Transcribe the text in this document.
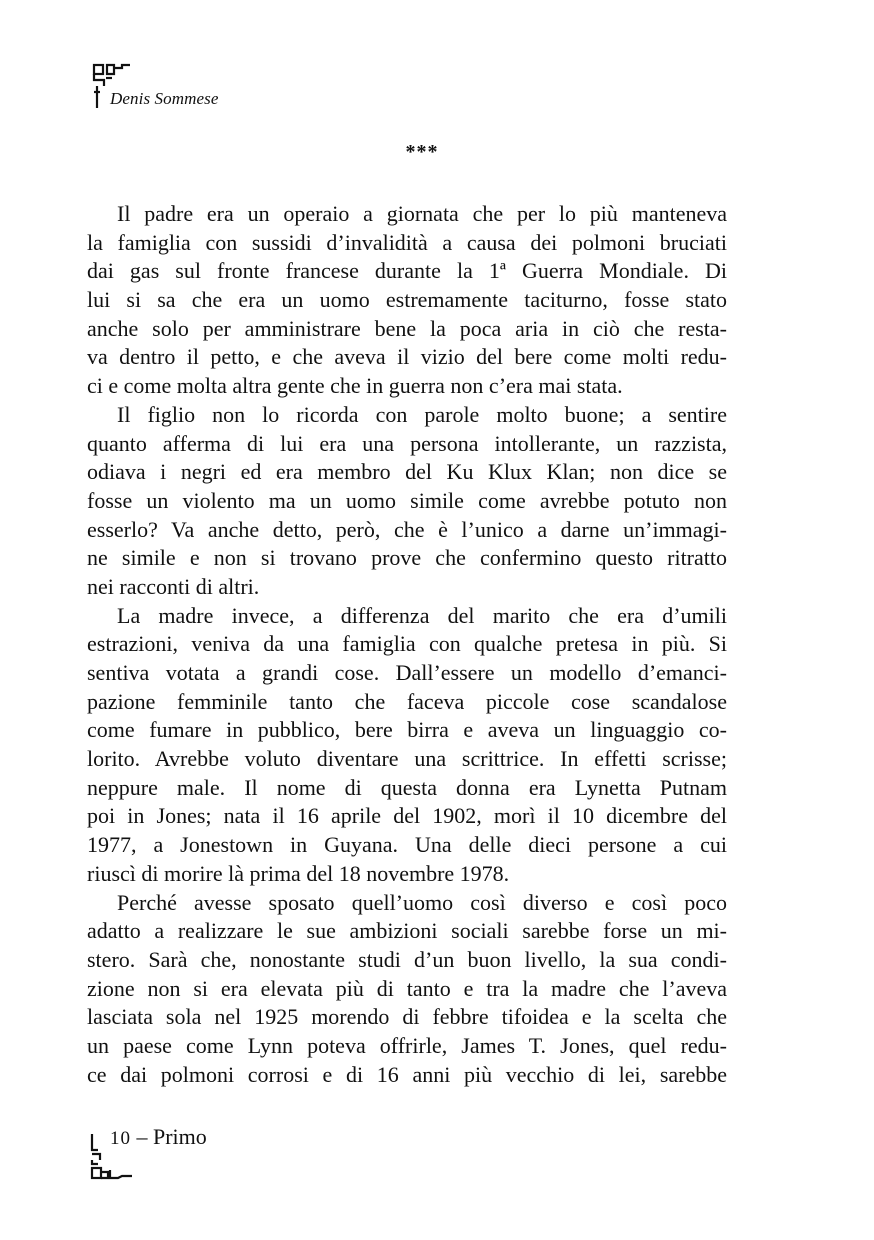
Denis Sommese
***
Il padre era un operaio a giornata che per lo più manteneva
la famiglia con sussidi d’invalidità a causa dei polmoni bruciati
dai gas sul fronte francese durante la 1ª Guerra Mondiale. Di
lui si sa che era un uomo estremamente taciturno, fosse stato
anche solo per amministrare bene la poca aria in ciò che resta-
va dentro il petto, e che aveva il vizio del bere come molti redu-
ci e come molta altra gente che in guerra non c’era mai stata.
Il figlio non lo ricorda con parole molto buone; a sentire
quanto afferma di lui era una persona intollerante, un razzista,
odiava i negri ed era membro del Ku Klux Klan; non dice se
fosse un violento ma un uomo simile come avrebbe potuto non
esserlo? Va anche detto, però, che è l’unico a darne un’immagi-
ne simile e non si trovano prove che confermino questo ritratto
nei racconti di altri.
La madre invece, a differenza del marito che era d’umili
estrazioni, veniva da una famiglia con qualche pretesa in più. Si
sentiva votata a grandi cose. Dall’essere un modello d’emanci-
pazione femminile tanto che faceva piccole cose scandalose
come fumare in pubblico, bere birra e aveva un linguaggio co-
lorito. Avrebbe voluto diventare una scrittrice. In effetti scrisse;
neppure male. Il nome di questa donna era Lynetta Putnam
poi in Jones; nata il 16 aprile del 1902, morì il 10 dicembre del
1977, a Jonestown in Guyana. Una delle dieci persone a cui
riuscì di morire là prima del 18 novembre 1978.
Perché avesse sposato quell’uomo così diverso e così poco
adatto a realizzare le sue ambizioni sociali sarebbe forse un mi-
stero. Sarà che, nonostante studi d’un buon livello, la sua condi-
zione non si era elevata più di tanto e tra la madre che l’aveva
lasciata sola nel 1925 morendo di febbre tifoidea e la scelta che
un paese come Lynn poteva offrirle, James T. Jones, quel redu-
ce dai polmoni corrosi e di 16 anni più vecchio di lei, sarebbe
10 – Primo
